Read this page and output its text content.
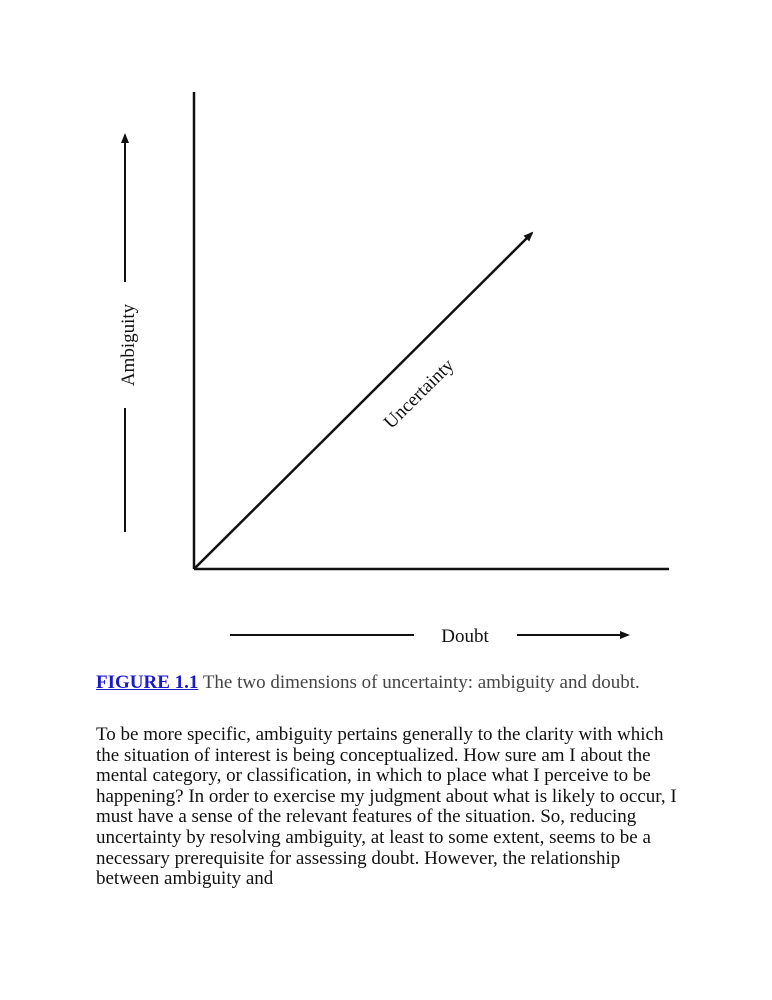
Ambiguity
Doubt
Uncertainty
FIGURE 1.1 The two dimensions of uncertainty: ambiguity and doubt.

To be more specific, ambiguity pertains generally to the clarity with which the situation of interest is being conceptualized. How sure am I about the mental category, or classification, in which to place what I perceive to be happening? In order to exercise my judgment about what is likely to occur, I must have a sense of the relevant features of the situation. So, reducing uncertainty by resolving ambiguity, at least to some extent, seems to be a necessary prerequisite for assessing doubt. However, the relationship between ambiguity and
